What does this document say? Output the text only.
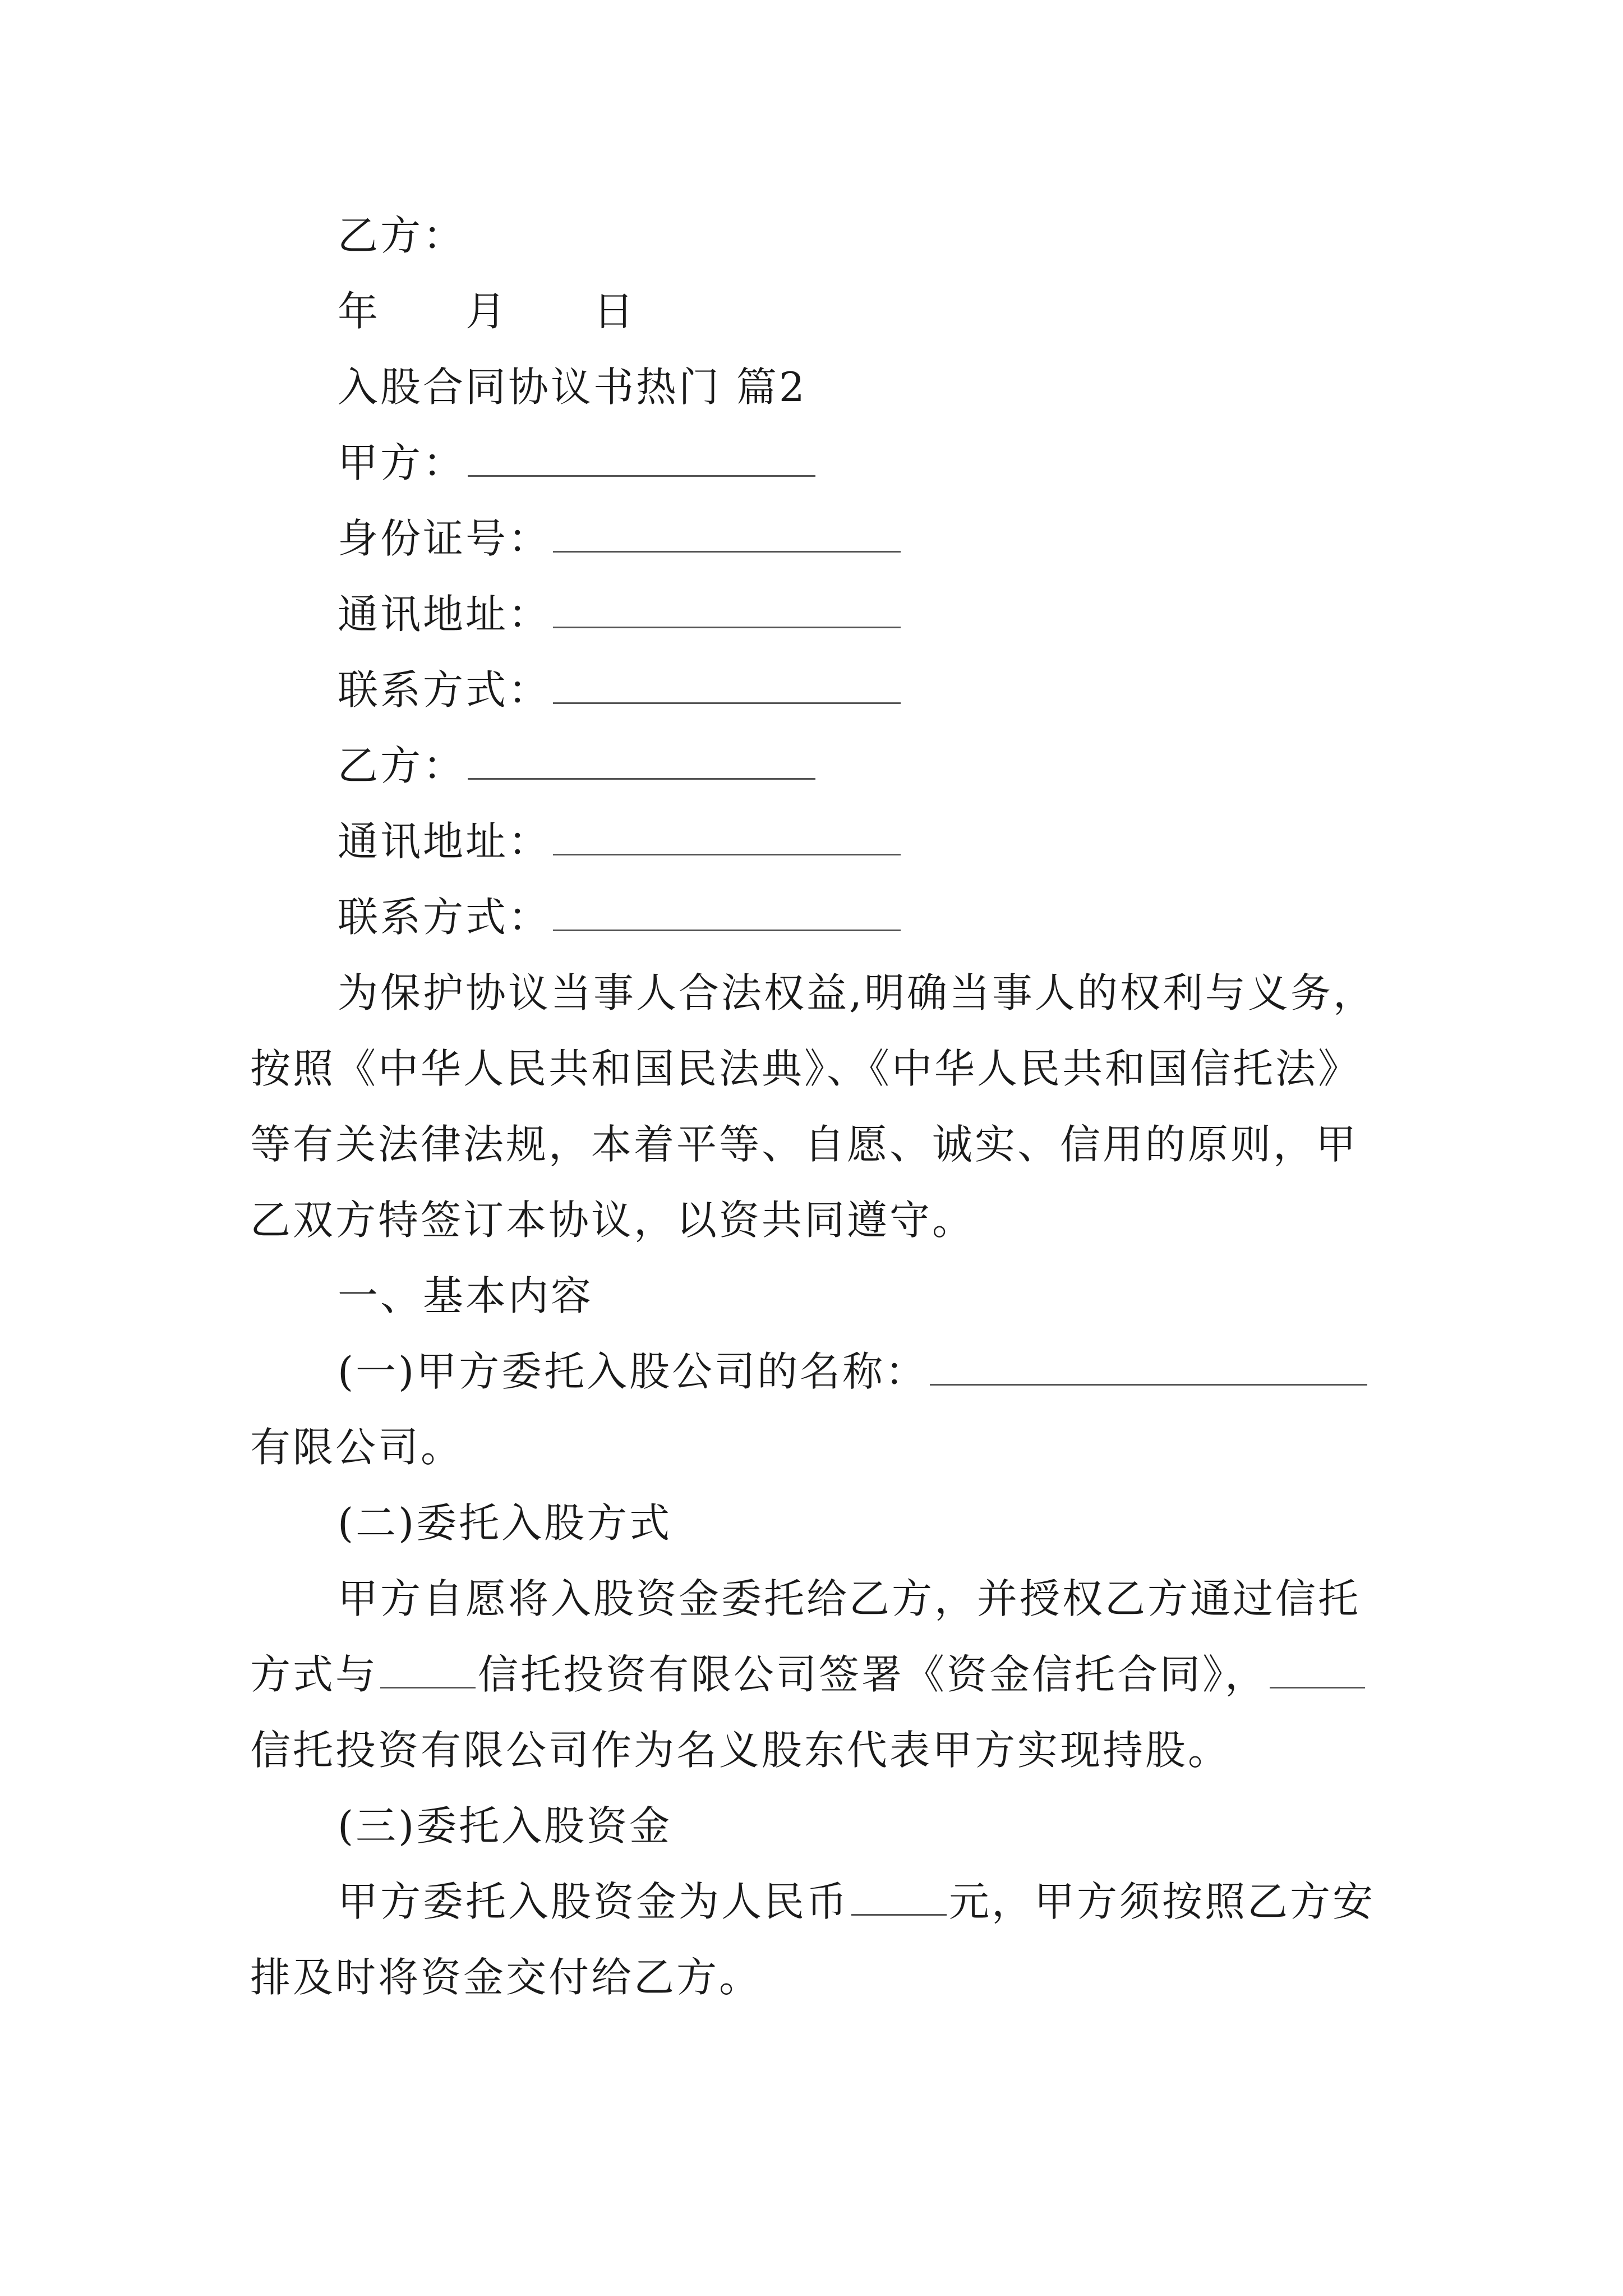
乙方：
年　　月　　日
入股合同协议书热门 篇2
甲方：
身份证号：
通讯地址：
联系方式：
乙方：
通讯地址：
联系方式：
为保护协议当事人合法权益,明确当事人的权利与义务，
按照《中华人民共和国民法典》、《中华人民共和国信托法》
等有关法律法规，本着平等、自愿、诚实、信用的原则，甲
乙双方特签订本协议，以资共同遵守。
一、基本内容
(一)甲方委托入股公司的名称：
有限公司。
(二)委托入股方式
甲方自愿将入股资金委托给乙方，并授权乙方通过信托
方式与 信托投资有限公司签署《资金信托合同》，
信托投资有限公司作为名义股东代表甲方实现持股。
(三)委托入股资金
甲方委托入股资金为人民币 元，甲方须按照乙方安
排及时将资金交付给乙方。
